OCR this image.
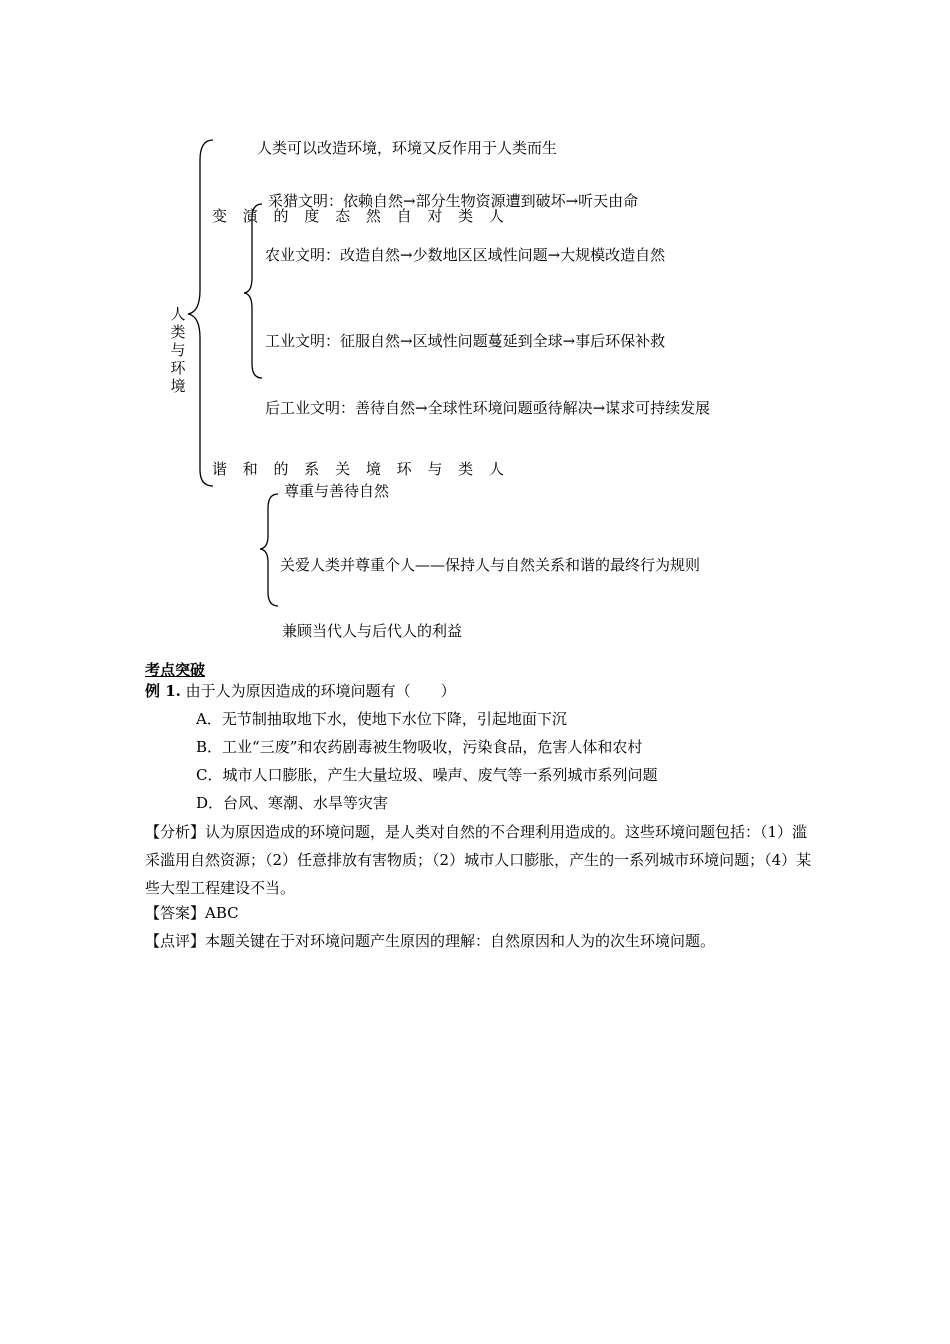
人类与环境
人类可以改造环境，环境又反作用于人类而生
变 演 的 度 态 然 自 对 类 人
采猎文明：依赖自然→部分生物资源遭到破坏→听天由命
农业文明：改造自然→少数地区区域性问题→大规模改造自然
工业文明：征服自然→区域性问题蔓延到全球→事后环保补救
后工业文明：善待自然→全球性环境问题亟待解决→谋求可持续发展
谐 和 的 系 关 境 环 与 类 人
尊重与善待自然
关爱人类并尊重个人——保持人与自然关系和谐的最终行为规则
兼顾当代人与后代人的利益
考点突破
例 1. 由于人为原因造成的环境问题有（　　）
A．无节制抽取地下水，使地下水位下降，引起地面下沉
B．工业“三废”和农药剧毒被生物吸收，污染食品，危害人体和农村
C．城市人口膨胀，产生大量垃圾、噪声、废气等一系列城市系列问题
D．台风、寒潮、水旱等灾害
【分析】认为原因造成的环境问题，是人类对自然的不合理利用造成的。这些环境问题包括：（1）滥采滥用自然资源；（2）任意排放有害物质；（2）城市人口膨胀，产生的一系列城市环境问题；（4）某些大型工程建设不当。
【答案】ABC
【点评】本题关键在于对环境问题产生原因的理解：自然原因和人为的次生环境问题。
